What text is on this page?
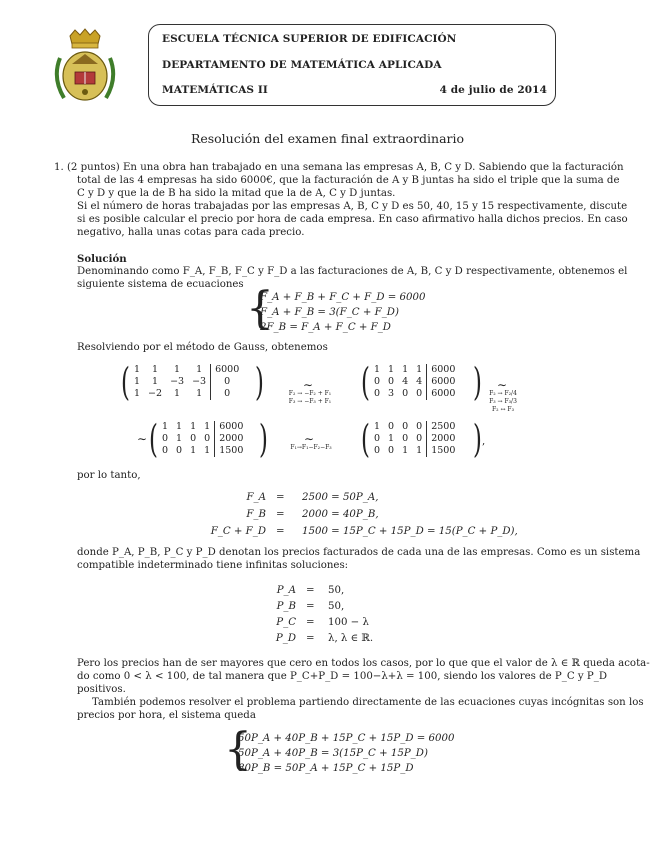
ESCUELA TÉCNICA SUPERIOR DE EDIFICACIÓN
DEPARTAMENTO DE MATEMÁTICA APLICADA
MATEMÁTICAS II	4 de julio de 2014
Resolución del examen final extraordinario
1. (2 puntos) En una obra han trabajado en una semana las empresas A, B, C y D. Sabiendo que la facturación
total de las 4 empresas ha sido 6000€, que la facturación de A y B juntas ha sido el triple que la suma de
C y D y que la de B ha sido la mitad que la de A, C y D juntas.
Si el número de horas trabajadas por las empresas A, B, C y D es 50, 40, 15 y 15 respectivamente, discute
si es posible calcular el precio por hora de cada empresa. En caso afirmativo halla dichos precios. En caso
negativo, halla unas cotas para cada precio.
Solución
Denominando como F_A, F_B, F_C y F_D a las facturaciones de A, B, C y D respectivamente, obtenemos el
siguiente sistema de ecuaciones {
F_A + F_B + F_C + F_D = 6000
F_A + F_B = 3(F_C + F_D)
2F_B = F_A + F_C + F_D
Resolviendo por el método de Gauss, obtenemos
( 1	1	1	1	6000
1	1	−3	−3	0
1	−2	1	1	0 )	∼
F₂ → −F₂ + F₁
F₃ → −F₃ + F₁ ( 1	1	1	1	6000
0	0	4	4	6000
0	3	0	0	6000 ) ∼
F₂ → F₂/4
F₃ → F₃/3
F₂ ↔ F₃
∼ ( 1	1	1	1	6000
0	1	0	0	2000
0	0	1	1	1500 )	∼
F₁→F₁−F₂−F₃ ( 1	0	0	0	2500
0	1	0	0	2000
0	0	1	1	1500 ) ,
por lo tanto,
F_A = 2500 = 50P_A,
F_B = 2000 = 40P_B,
F_C + F_D = 1500 = 15P_C + 15P_D = 15(P_C + P_D),
donde P_A, P_B, P_C y P_D denotan los precios facturados de cada una de las empresas. Como es un sistema
compatible indeterminado tiene infinitas soluciones:
P_A = 50,
P_B = 50,
P_C = 100 − λ
P_D = λ, λ ∈ ℝ.
Pero los precios han de ser mayores que cero en todos los casos, por lo que que el valor de λ ∈ ℝ queda acota-
do como 0 < λ < 100, de tal manera que P_C+P_D = 100−λ+λ = 100, siendo los valores de P_C y P_D positivos.
También podemos resolver el problema partiendo directamente de las ecuaciones cuyas incógnitas son los
precios por hora, el sistema queda
{
50P_A + 40P_B + 15P_C + 15P_D = 6000
50P_A + 40P_B = 3(15P_C + 15P_D)
80P_B = 50P_A + 15P_C + 15P_D
